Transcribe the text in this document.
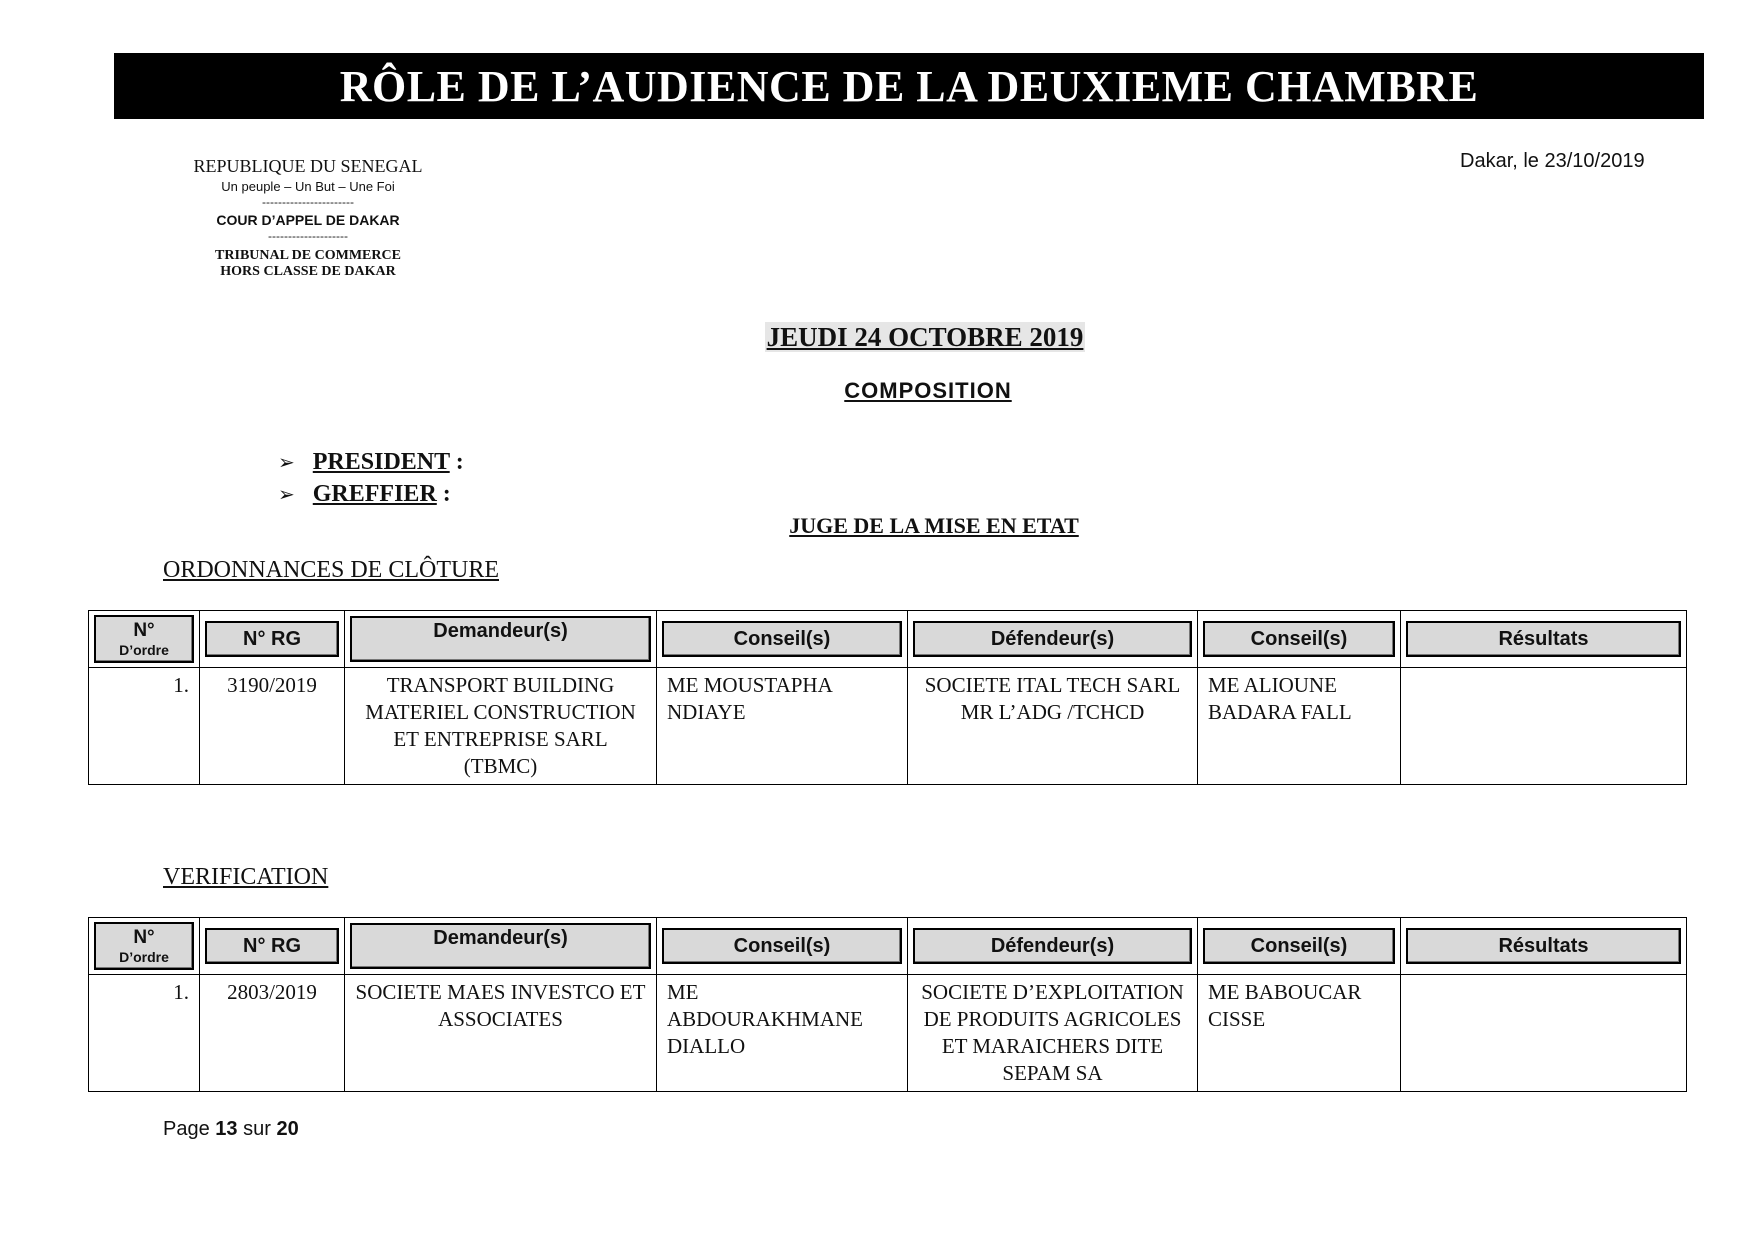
RÔLE DE L’AUDIENCE DE LA DEUXIEME CHAMBRE
REPUBLIQUE DU SENEGAL
Un peuple – Un But – Une Foi
-----------------------
COUR D’APPEL DE DAKAR
--------------------
TRIBUNAL DE COMMERCE
HORS CLASSE DE DAKAR
Dakar, le 23/10/2019
JEUDI 24 OCTOBRE 2019
COMPOSITION
➢ PRESIDENT :
➢ GREFFIER :
JUGE DE LA MISE EN ETAT
ORDONNANCES DE CLÔTURE
N°
D’ordre	N° RG	Demandeur(s)	Conseil(s)	Défendeur(s)	Conseil(s)	Résultats

1.	3190/2019	TRANSPORT BUILDING MATERIEL CONSTRUCTION ET ENTREPRISE SARL (TBMC)	ME MOUSTAPHA NDIAYE	SOCIETE ITAL TECH SARL MR L’ADG /TCHCD	ME ALIOUNE BADARA FALL	
VERIFICATION
N°
D’ordre	N° RG	Demandeur(s)	Conseil(s)	Défendeur(s)	Conseil(s)	Résultats

1.	2803/2019	SOCIETE MAES INVESTCO ET ASSOCIATES	ME ABDOURAKHMANE DIALLO	SOCIETE D’EXPLOITATION DE PRODUITS AGRICOLES ET MARAICHERS DITE SEPAM SA	ME BABOUCAR CISSE	
Page 13 sur 20
